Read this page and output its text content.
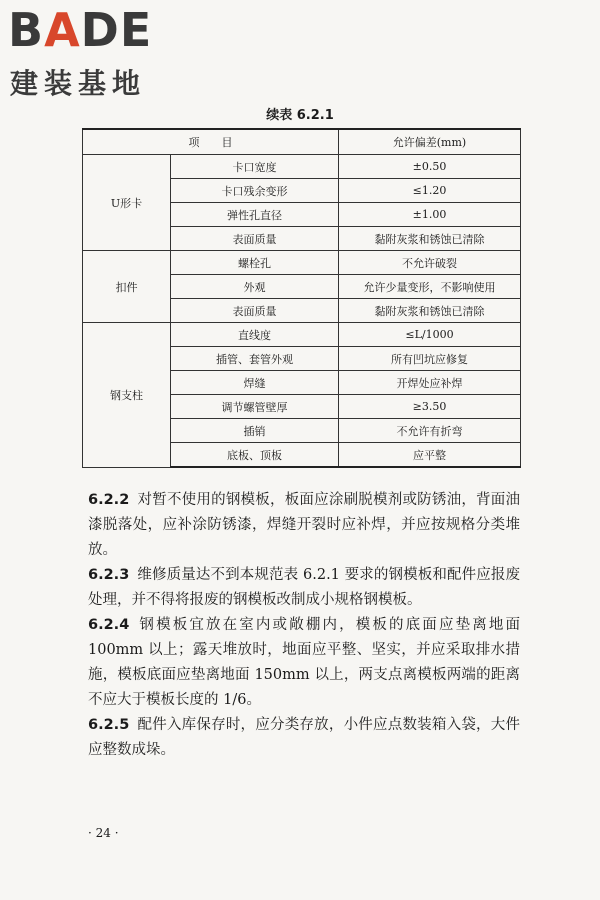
BADE
建装基地
续表 6.2.1
项　　目		允许偏差(mm)
U形卡	卡口宽度	±0.50
	卡口残余变形	≤1.20
	弹性孔直径	±1.00
	表面质量	黏附灰浆和锈蚀已清除
扣件	螺栓孔	不允许破裂
	外观	允许少量变形，不影响使用
	表面质量	黏附灰浆和锈蚀已清除
钢支柱	直线度	≤L/1000
	插管、套管外观	所有凹坑应修复
	焊缝	开焊处应补焊
	调节螺管壁厚	≥3.50
	插销	不允许有折弯
	底板、顶板	应平整
6.2.2 对暂不使用的钢模板，板面应涂刷脱模剂或防锈油，背面油漆脱落处，应补涂防锈漆，焊缝开裂时应补焊，并应按规格分类堆放。
6.2.3 维修质量达不到本规范表 6.2.1 要求的钢模板和配件应报废处理，并不得将报废的钢模板改制成小规格钢模板。
6.2.4 钢模板宜放在室内或敞棚内，模板的底面应垫离地面100mm 以上；露天堆放时，地面应平整、坚实，并应采取排水措施，模板底面应垫离地面 150mm 以上，两支点离模板两端的距离不应大于模板长度的 1/6。
6.2.5 配件入库保存时，应分类存放，小件应点数装箱入袋，大件应整数成垛。
· 24 ·
